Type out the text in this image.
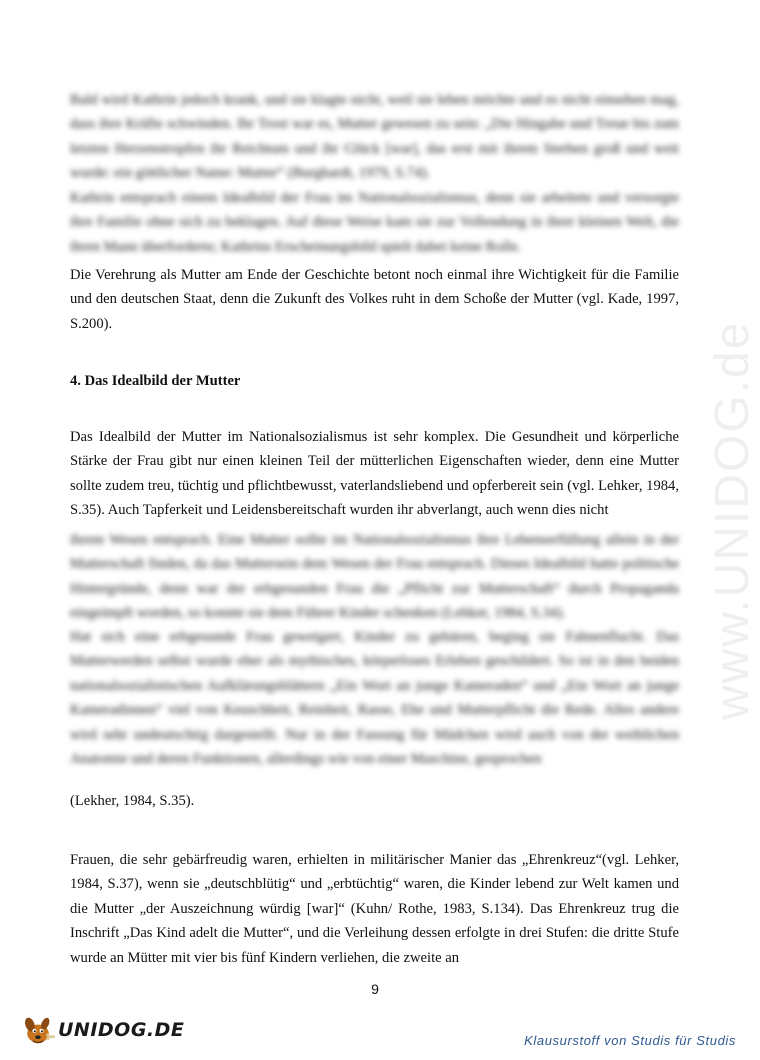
www.UNIDOG.de
Bald wird Kathrin jedoch krank, und sie klagte nicht, weil sie leben möchte und es nicht einsehen mag, dass ihre Kräfte schwinden. Ihr Trost war es, Mutter gewesen zu sein: „Die Hingabe und Treue bis zum letzten Herzenstropfen ihr Reichtum und ihr Glück [war], das erst mit ihrem Sterben groß und weit wurde: ein göttlicher Name: Mutter“ (Burghardt, 1979, S.74).
Kathrin entsprach einem Idealbild der Frau im Nationalsozialismus, denn sie arbeitete und versorgte ihre Familie ohne sich zu beklagen. Auf diese Weise kam sie zur Vollendung in ihrer kleinen Welt, die ihren Mann überforderte; Kathrins Erscheinungsbild spielt dabei keine Rolle.
Die Verehrung als Mutter am Ende der Geschichte betont noch einmal ihre Wichtigkeit für die Familie und den deutschen Staat, denn die Zukunft des Volkes ruht in dem Schoße der Mutter (vgl. Kade, 1997, S.200).
4. Das Idealbild der Mutter
Das Idealbild der Mutter im Nationalsozialismus ist sehr komplex. Die Gesundheit und körperliche Stärke der Frau gibt nur einen kleinen Teil der mütterlichen Eigenschaften wieder, denn eine Mutter sollte zudem treu, tüchtig und pflichtbewusst, vaterlandsliebend und opferbereit sein (vgl. Lehker, 1984, S.35). Auch Tapferkeit und Leidensbereitschaft wurden ihr abverlangt, auch wenn dies nicht
ihrem Wesen entsprach. Eine Mutter sollte im Nationalsozialismus ihre Lebenserfüllung allein in der Mutterschaft finden, da das Muttersein dem Wesen der Frau entsprach. Dieses Idealbild hatte politische Hintergründe, denn war der erbgesunden Frau die „Pflicht zur Mutterschaft“ durch Propaganda eingeimpft worden, so konnte sie dem Führer Kinder schenken (Lehker, 1984, S.34).
Hat sich eine erbgesunde Frau geweigert, Kinder zu gebären, beging sie Fahnenflucht. Das Mutterwerden selbst wurde eher als mythisches, körperloses Erleben geschildert. So ist in den beiden nationalsozialistischen Aufklärungsblättern „Ein Wort an junge Kameraden“ und „Ein Wort an junge Kameradinnen“ viel von Keuschheit, Reinheit, Rasse, Ehe und Mutterpflicht die Rede. Alles andere wird sehr undeutschtig dargestellt. Nur in der Fassung für Mädchen wird auch von der weiblichen Anatomie und deren Funktionen, allerdings wie von einer Maschine, gesprochen
(Lekher, 1984, S.35).
Frauen, die sehr gebärfreudig waren, erhielten in militärischer Manier das „Ehrenkreuz“(vgl. Lehker, 1984, S.37), wenn sie „deutschblütig“ und „erbtüchtig“ waren, die Kinder lebend zur Welt kamen und die Mutter „der Auszeichnung würdig [war]“ (Kuhn/ Rothe, 1983, S.134). Das Ehrenkreuz trug die Inschrift „Das Kind adelt die Mutter“, und die Verleihung dessen erfolgte in drei Stufen: die dritte Stufe wurde an Mütter mit vier bis fünf Kindern verliehen, die zweite an
9
UNIDOG.DE	Klausurstoff von Studis für Studis
